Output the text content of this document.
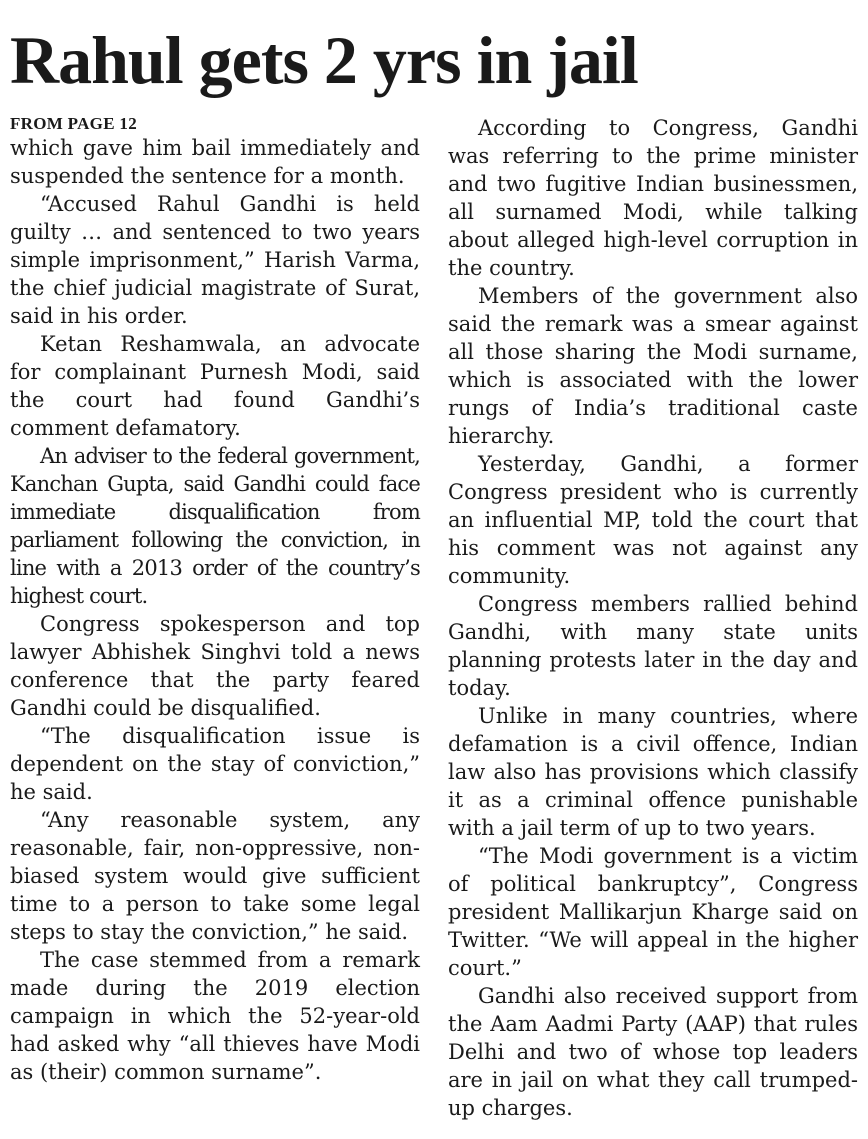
Rahul gets 2 yrs in jail
FROM PAGE 12

which gave him bail immediately and suspended the sentence for a month.

“Accused Rahul Gandhi is held guilty … and sentenced to two years simple imprisonment,” Harish Varma, the chief judicial magistrate of Surat, said in his order.

Ketan Reshamwala, an advocate for complainant Purnesh Modi, said the court had found Gandhi’s comment defamatory.

An adviser to the federal government, Kanchan Gupta, said Gandhi could face immediate disqualification from parliament following the conviction, in line with a 2013 order of the country’s highest court.

Congress spokesperson and top lawyer Abhishek Singhvi told a news conference that the party feared Gandhi could be disqualified.

“The disqualification issue is dependent on the stay of conviction,” he said.

“Any reasonable system, any reasonable, fair, non-oppressive, non-biased system would give sufficient time to a person to take some legal steps to stay the conviction,” he said.

The case stemmed from a remark made during the 2019 election campaign in which the 52-year-old had asked why “all thieves have Modi as (their) common surname”.

According to Congress, Gandhi was referring to the prime minister and two fugitive Indian businessmen, all surnamed Modi, while talking about alleged high-level corruption in the country.

Members of the government also said the remark was a smear against all those sharing the Modi surname, which is associated with the lower rungs of India’s traditional caste hierarchy.

Yesterday, Gandhi, a former Congress president who is currently an influential MP, told the court that his comment was not against any community.

Congress members rallied behind Gandhi, with many state units planning protests later in the day and today.

Unlike in many countries, where defamation is a civil offence, Indian law also has provisions which classify it as a criminal offence punishable with a jail term of up to two years.

“The Modi government is a victim of political bankruptcy”, Congress president Mallikarjun Kharge said on Twitter. “We will appeal in the higher court.”

Gandhi also received support from the Aam Aadmi Party (AAP) that rules Delhi and two of whose top leaders are in jail on what they call trumped-up charges.
